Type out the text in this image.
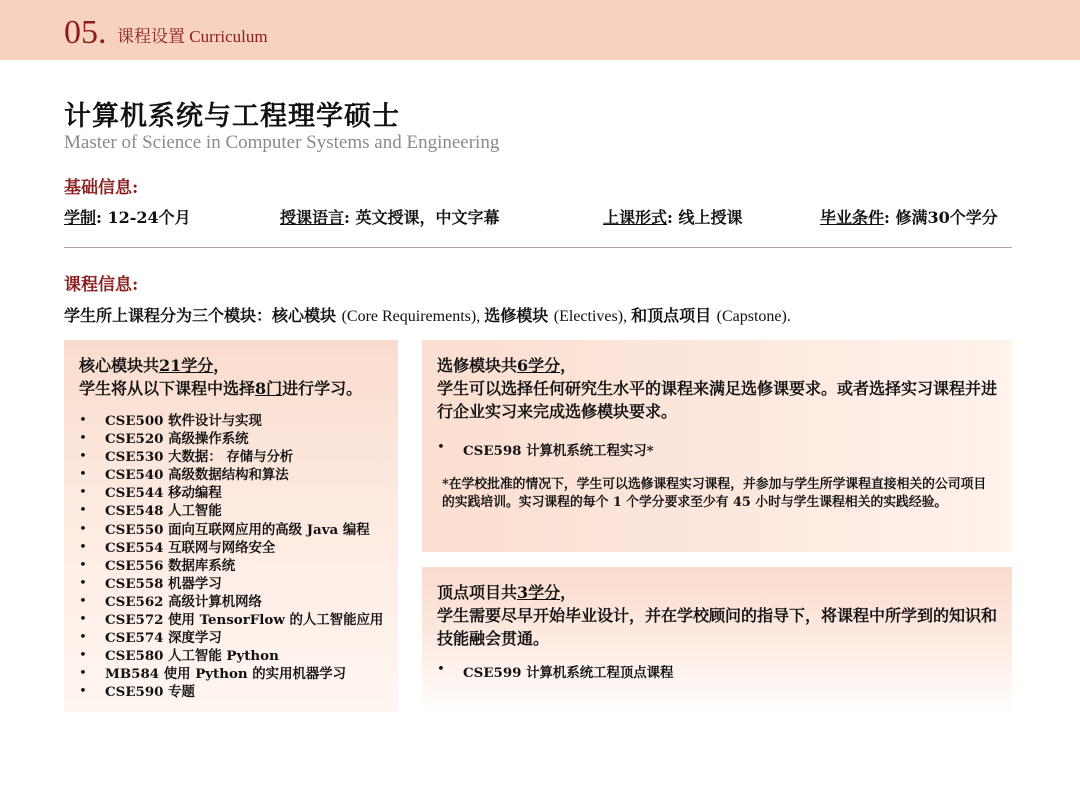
05. 课程设置 Curriculum
计算机系统与工程理学硕士
Master of Science in Computer Systems and Engineering
基础信息:
学制: 12-24个月	授课语言: 英文授课，中文字幕	上课形式: 线上授课	毕业条件: 修满30个学分
课程信息:
学生所上课程分为三个模块：核心模块 (Core Requirements), 选修模块 (Electives), 和顶点项目 (Capstone).
核心模块共21学分，
学生将从以下课程中选择8门进行学习。
• CSE500 软件设计与实现
• CSE520 高级操作系统
• CSE530 大数据： 存储与分析
• CSE540 高级数据结构和算法
• CSE544 移动编程
• CSE548 人工智能
• CSE550 面向互联网应用的高级 Java 编程
• CSE554 互联网与网络安全
• CSE556 数据库系统
• CSE558 机器学习
• CSE562 高级计算机网络
• CSE572 使用 TensorFlow 的人工智能应用
• CSE574 深度学习
• CSE580 人工智能 Python
• MB584 使用 Python 的实用机器学习
• CSE590 专题
选修模块共6学分，
学生可以选择任何研究生水平的课程来满足选修课要求。或者选择实习课程并进行企业实习来完成选修模块要求。
• CSE598 计算机系统工程实习*
*在学校批准的情况下，学生可以选修课程实习课程，并参加与学生所学课程直接相关的公司项目的实践培训。实习课程的每个 1 个学分要求至少有 45 小时与学生课程相关的实践经验。
顶点项目共3学分，
学生需要尽早开始毕业设计，并在学校顾问的指导下，将课程中所学到的知识和技能融会贯通。
• CSE599 计算机系统工程顶点课程
